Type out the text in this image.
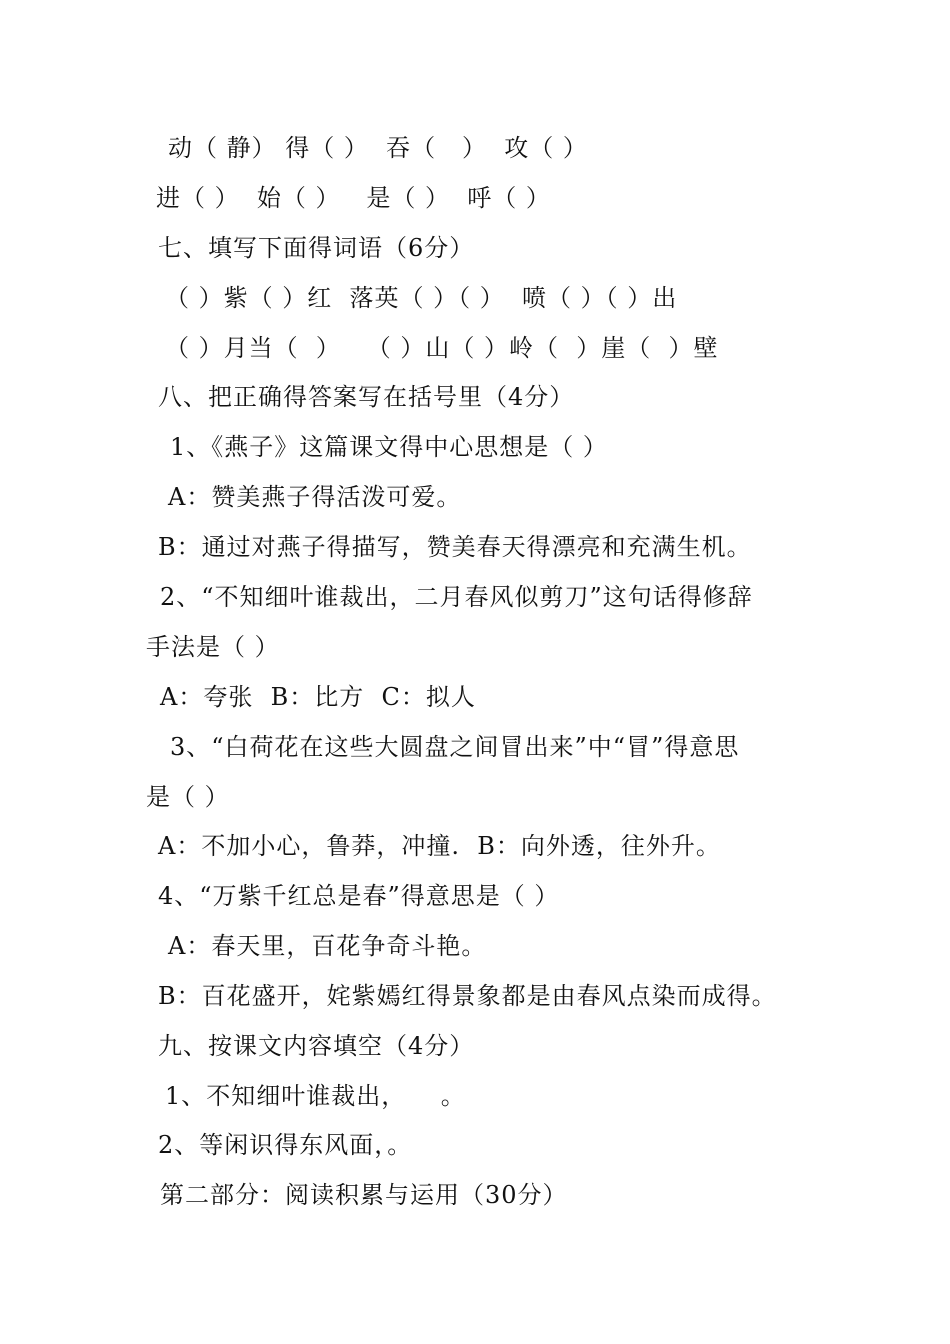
动（ 静） 得（ ）  吞（   ）  攻（ ）
进（ ）  始（ ）   是（ ）  呼（ ）
七、填写下面得词语（6分）
（ ）紫（ ）红  落英（ ）（ ）  喷（ ）（ ）出
（ ）月当（  ）   （ ）山（ ）岭（  ）崖（  ）壁
八、把正确得答案写在括号里（4分）
1、《燕子》这篇课文得中心思想是（ ）
A：赞美燕子得活泼可爱。
B：通过对燕子得描写，赞美春天得漂亮和充满生机。
2、“不知细叶谁裁出，二月春风似剪刀”这句话得修辞
手法是（ ）
A：夸张  B：比方  C：拟人
3、“白荷花在这些大圆盘之间冒出来”中“冒”得意思
是（ ）
A：不加小心，鲁莽，冲撞.  B：向外透，往外升。
4、“万紫千红总是春”得意思是（ ）
A：春天里，百花争奇斗艳。
B：百花盛开，姹紫嫣红得景象都是由春风点染而成得。
九、按课文内容填空（4分）
1、不知细叶谁裁出，    。
2、等闲识得东风面，。
第二部分：阅读积累与运用（30分）
